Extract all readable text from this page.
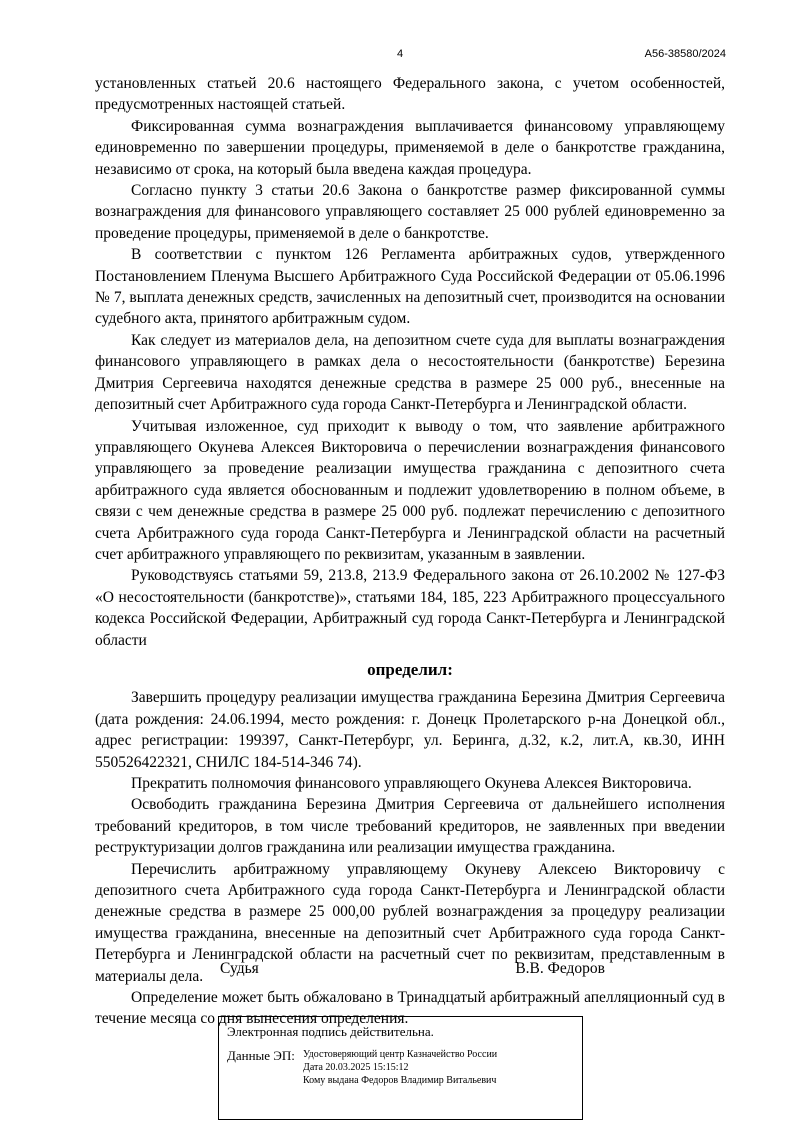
4	А56-38580/2024

установленных статьей 20.6 настоящего Федерального закона, с учетом особенностей, предусмотренных настоящей статьей.

Фиксированная сумма вознаграждения выплачивается финансовому управляющему единовременно по завершении процедуры, применяемой в деле о банкротстве гражданина, независимо от срока, на который была введена каждая процедура.

Согласно пункту 3 статьи 20.6 Закона о банкротстве размер фиксированной суммы вознаграждения для финансового управляющего составляет 25 000 рублей единовременно за проведение процедуры, применяемой в деле о банкротстве.

В соответствии с пунктом 126 Регламента арбитражных судов, утвержденного Постановлением Пленума Высшего Арбитражного Суда Российской Федерации от 05.06.1996 № 7, выплата денежных средств, зачисленных на депозитный счет, производится на основании судебного акта, принятого арбитражным судом.

Как следует из материалов дела, на депозитном счете суда для выплаты вознаграждения финансового управляющего в рамках дела о несостоятельности (банкротстве) Березина Дмитрия Сергеевича находятся денежные средства в размере 25 000 руб., внесенные на депозитный счет Арбитражного суда города Санкт-Петербурга и Ленинградской области.

Учитывая изложенное, суд приходит к выводу о том, что заявление арбитражного управляющего Окунева Алексея Викторовича о перечислении вознаграждения финансового управляющего за проведение реализации имущества гражданина с депозитного счета арбитражного суда является обоснованным и подлежит удовлетворению в полном объеме, в связи с чем денежные средства в размере 25 000 руб. подлежат перечислению с депозитного счета Арбитражного суда города Санкт-Петербурга и Ленинградской области на расчетный счет арбитражного управляющего по реквизитам, указанным в заявлении.

Руководствуясь статьями 59, 213.8, 213.9 Федерального закона от 26.10.2002 № 127-ФЗ «О несостоятельности (банкротстве)», статьями 184, 185, 223 Арбитражного процессуального кодекса Российской Федерации, Арбитражный суд города Санкт-Петербурга и Ленинградской области

определил:

Завершить процедуру реализации имущества гражданина Березина Дмитрия Сергеевича (дата рождения: 24.06.1994, место рождения: г. Донецк Пролетарского р-на Донецкой обл., адрес регистрации: 199397, Санкт-Петербург, ул. Беринга, д.32, к.2, лит.А, кв.30, ИНН 550526422321, СНИЛС 184-514-346 74).

Прекратить полномочия финансового управляющего Окунева Алексея Викторовича.

Освободить гражданина Березина Дмитрия Сергеевича от дальнейшего исполнения требований кредиторов, в том числе требований кредиторов, не заявленных при введении реструктуризации долгов гражданина или реализации имущества гражданина.

Перечислить арбитражному управляющему Окуневу Алексею Викторовичу с депозитного счета Арбитражного суда города Санкт-Петербурга и Ленинградской области денежные средства в размере 25 000,00 рублей вознаграждения за процедуру реализации имущества гражданина, внесенные на депозитный счет Арбитражного суда города Санкт-Петербурга и Ленинградской области на расчетный счет по реквизитам, представленным в материалы дела.

Определение может быть обжаловано в Тринадцатый арбитражный апелляционный суд в течение месяца со дня вынесения определения.

Судья	В.В. Федоров
Электронная подпись действительна.
Данные ЭП: Удостоверяющий центр Казначейство России
Дата 20.03.2025 15:15:12
Кому выдана Федоров Владимир Витальевич
